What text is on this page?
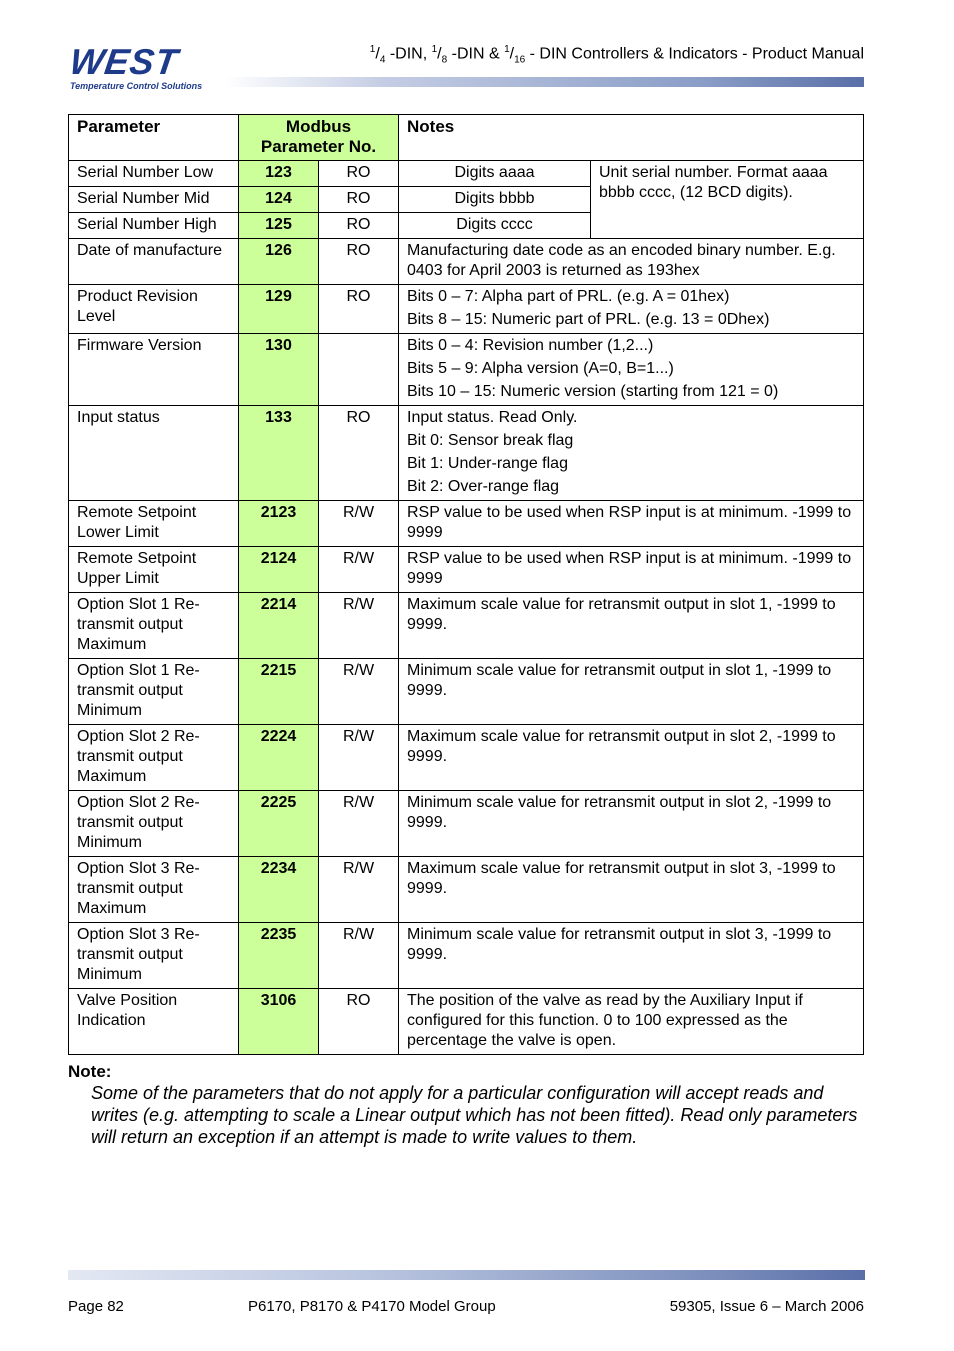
WEST
Temperature Control Solutions
$^1/_4$ -DIN, $^1/_8$ -DIN & $^1/_{16}$ - DIN Controllers & Indicators - Product Manual
Parameter	Modbus Parameter No.		Notes	
Serial Number Low	123	RO	Digits aaaa	Unit serial number. Format aaaa bbbb cccc, (12 BCD digits).
Serial Number Mid	124	RO	Digits bbbb	
Serial Number High	125	RO	Digits cccc	
Date of manufacture	126	RO	Manufacturing date code as an encoded binary number. E.g. 0403 for April 2003 is returned as 193hex	

Product Revision Level	129	RO	Bits 0 – 7: Alpha part of PRL. (e.g. A = 01hex)

Bits 8 – 15: Numeric part of PRL. (e.g. 13 = 0Dhex)	

Firmware Version	130		Bits 0 – 4: Revision number (1,2...)

Bits 5 – 9: Alpha version (A=0, B=1...)

Bits 10 – 15: Numeric version (starting from 121 = 0)	

Input status	133	RO	Input status. Read Only.

Bit 0: Sensor break flag

Bit 1: Under-range flag

Bit 2: Over-range flag	

Remote Setpoint Lower Limit	2123	R/W	RSP value to be used when RSP input is at minimum. -1999 to 9999	

Remote Setpoint Upper Limit	2124	R/W	RSP value to be used when RSP input is at minimum. -1999 to 9999	

Option Slot 1 Re-transmit output Maximum	2214	R/W	Maximum scale value for retransmit output in slot 1, -1999 to 9999.	

Option Slot 1 Re-transmit output Minimum	2215	R/W	Minimum scale value for retransmit output in slot 1, -1999 to 9999.	

Option Slot 2 Re-transmit output Maximum	2224	R/W	Maximum scale value for retransmit output in slot 2, -1999 to 9999.	

Option Slot 2 Re-transmit output Minimum	2225	R/W	Minimum scale value for retransmit output in slot 2, -1999 to 9999.	

Option Slot 3 Re-transmit output Maximum	2234	R/W	Maximum scale value for retransmit output in slot 3, -1999 to 9999.	

Option Slot 3 Re-transmit output Minimum	2235	R/W	Minimum scale value for retransmit output in slot 3, -1999 to 9999.	

Valve Position Indication	3106	RO	The position of the valve as read by the Auxiliary Input if configured for this function. 0 to 100 expressed as the percentage the valve is open.	

Note:
Some of the parameters that do not apply for a particular configuration will accept reads and writes (e.g. attempting to scale a Linear output which has not been fitted). Read only parameters will return an exception if an attempt is made to write values to them.
Page 82	P6170, P8170 & P4170 Model Group	59305, Issue 6 – March 2006
